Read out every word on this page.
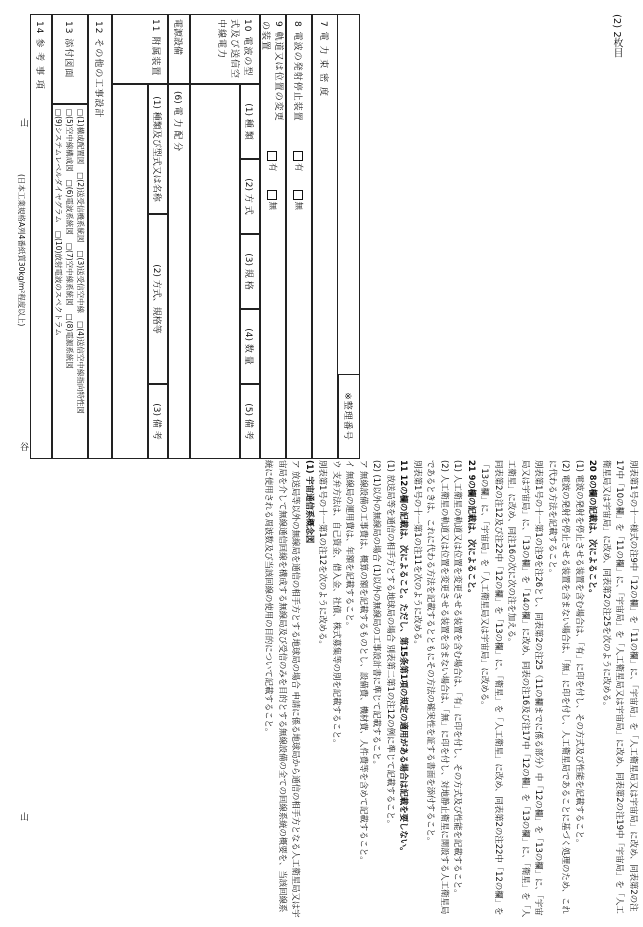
(2) 2枚目
山
谷
山
※整理番号
7 電 力 束 密 度
8 電波の発射停止装置
有
無
9 軌道又は位置の変更の装置
有
無
10 電波の型式及び送信空中線電力
(1) 種 類
(2) 方 式
(3) 規 格
(4) 数 量
(5) 備 考
電源設備
(6) 電 力 配 分
11 附属装置
(1) 種類及び型式又は名称
(2) 方式、規格等
(3) 備 考
12 その他の工事設計
13 添付図面
□(1)構成配置図
□(2)送受信機系統図
□(3)送受信空中線
□(4)送信空中線指向特性図
□(5)空中線構成図
□(6)電波系統図
□(7)空中線系統図
□(8)電源系統図
□(9)システムレベルダイヤグラム
□(10)放射電波のスペクトラム
14 参 考 事 項
(日本工業規格A列4番紙質30kg/m²程度以上)

別表第1号の十一様式の注9中「12の欄」を「11の欄」に、「宇宙局」を「人工衛星局又は宇宙局」に改め、同表第2の注17中「10の欄」を「11の欄」に、「宇宙局」を「人工衛星局又は宇宙局」に改め、同表第2の注19中「宇宙局」を「人工衛星局又は宇宙局」に改め、同表第2の注25を次のように改める。

20 8の欄の記載は、次によること。

(1) 電波の発射を停止させる装置を含む場合は、「有」に印を付し、その方式及び性能を記載すること。

(2) 電波の発射を停止させる装置を含まない場合は、「無」に印を付し、人工衛星局であることに基づく処理のため、これに代わる方法を記載すること。

別表第1号の十一第1の注9を注26とし、同表第2の注25（11の欄までに係る部分）中「12の欄」を「13の欄」に、「宇宙局又は宇宙局」に、「13の欄」を「14の欄」に改め、同表の注16及び注17中「12の欄」を「13の欄」に、「衛星」を「人工衛星」に改め、同注16の次に次の注を加える。

同表第2の注12及び注22中「12の欄」を「13の欄」に、「衛星」を「人工衛星」に改め、同表第2の注22中「12の欄」を「13の欄」に、「宇宙局」を「人工衛星局又は宇宙局」に改める。

21 9の欄の記載は、次によること。

(1) 人工衛星の軌道又は位置を変更させる装置を含む場合は、「有」に印を付し、その方式及び性能を記載すること。

(2) 人工衛星の軌道又は位置を変更させる装置を含まない場合は、「無」に印を付し、対地静止衛星に開設する人工衛星局であるときは、これに代わる方法を記載するとともにその方法の確実性を証する書面を添付すること。

別表第1号の十一第1の注11を次のように改める。

11 12の欄の記載は、次によること。ただし、第15条第1項の規定の適用がある場合は記載を要しない。

(1) 放送局等を通信の相手方とする地球局の場合 別表第二第1の注12の例に準じて記載すること。

(2) (1)以外の無線局の場合 (1)以外の無線局の工事設計書に準じて記載すること。

ア 無線設備の工事費は、概算の額を記載するものとし、設備費、機材費、人件費等を含めて記載すること。

イ 無線局の運用費は、年額を記載すること。

ウ 支弁方法は、自己資金、借入金、社債、株式募集等の別を記載すること。

別表第1号の十一第1の注12を次のように改める。

(1) 宇宙通信系概念図

ア 放送局等以外の無線局を通信の相手方とする地球局の場合 申請に係る地球局から通信の相手方となる人工衛星局又は宇宙局を介して無線通信回線を構成する無線局及び受信のみを目的とする無線設備の全ての回線系統の概要を、当該回線系統に使用される周波数及び当該回線の使用の目的について記載すること。
